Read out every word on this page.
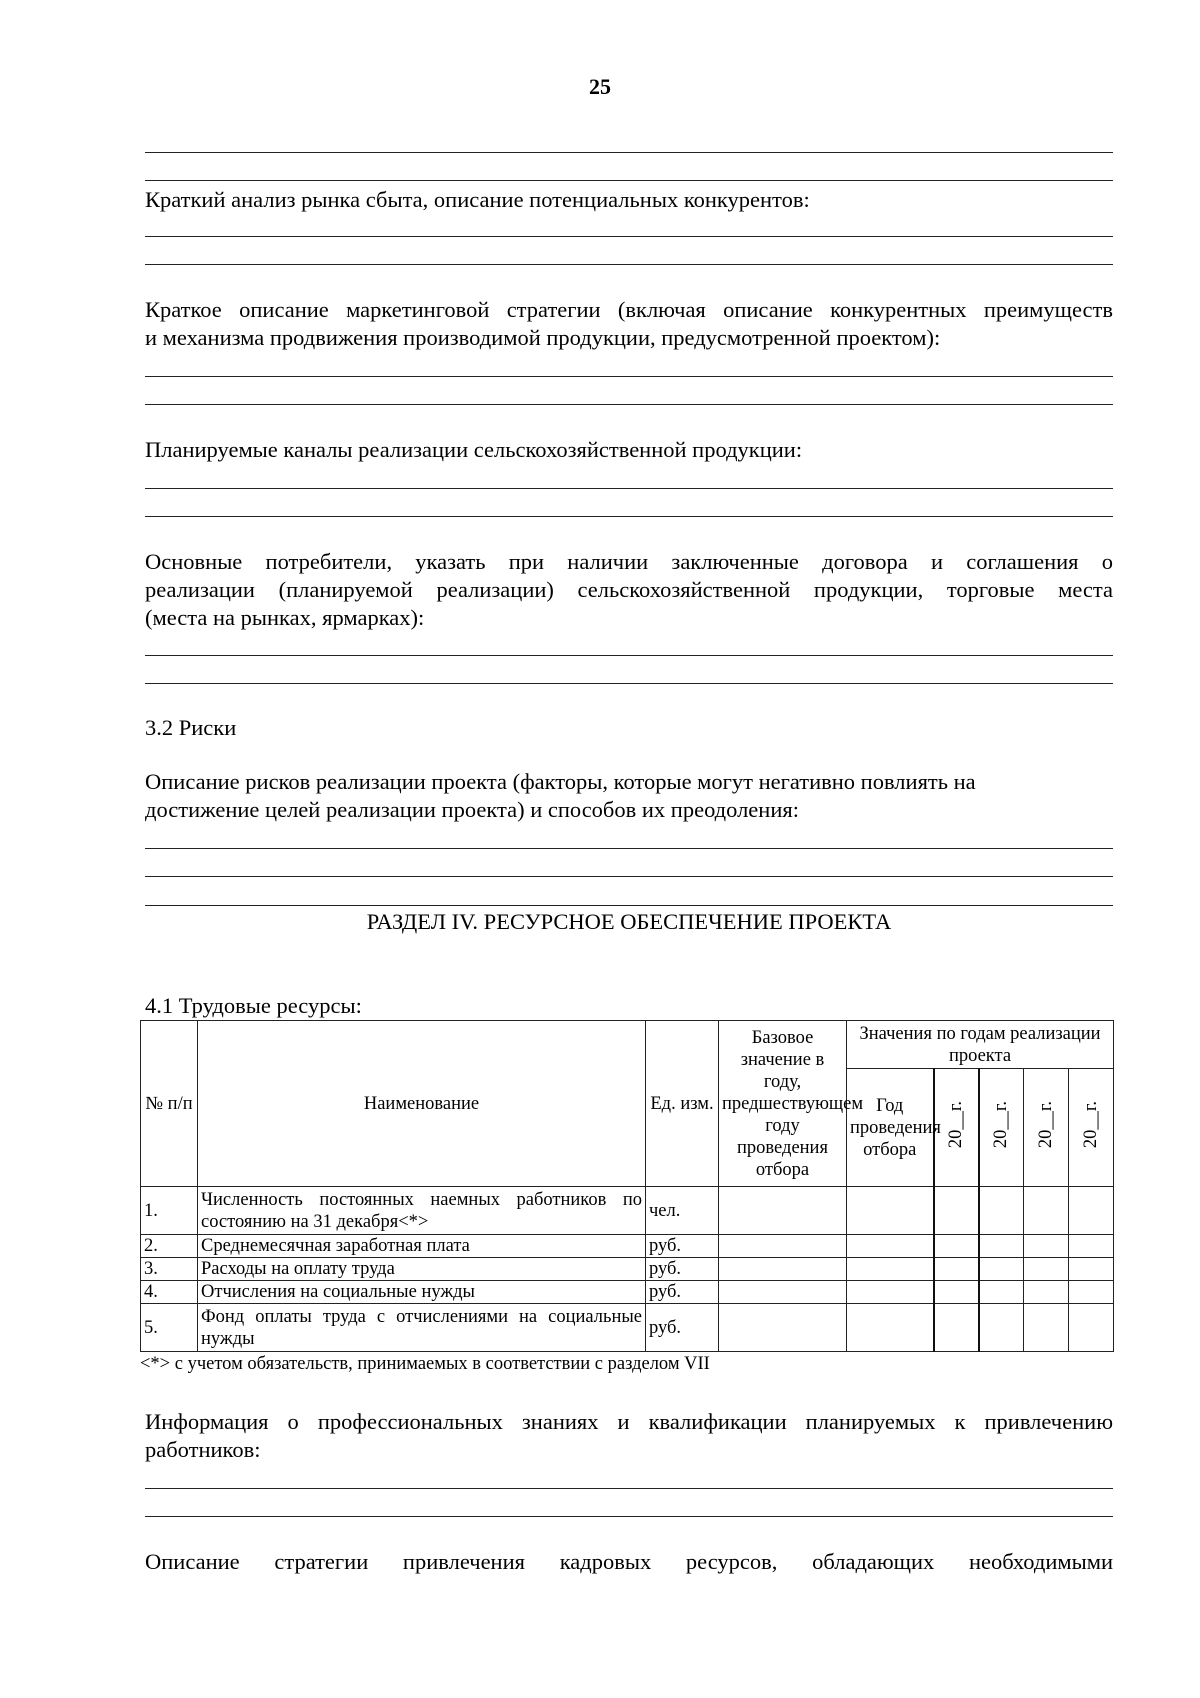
25
Краткий анализ рынка сбыта, описание потенциальных конкурентов:
Краткое описание маркетинговой стратегии (включая описание конкурентных преимуществ
и механизма продвижения производимой продукции, предусмотренной проектом):
Планируемые каналы реализации сельскохозяйственной продукции:
Основные потребители, указать при наличии заключенные договора и соглашения о
реализации (планируемой реализации) сельскохозяйственной продукции, торговые места
(места на рынках, ярмарках):
3.2 Риски
Описание рисков реализации проекта (факторы, которые могут негативно повлиять на
достижение целей реализации проекта) и способов их преодоления:
РАЗДЕЛ IV. РЕСУРСНОЕ ОБЕСПЕЧЕНИЕ ПРОЕКТА
4.1 Трудовые ресурсы:
№ п/п	Наименование	Ед. изм.	Базовое значение в году, предшествующем году проведения отбора	Значения по годам реализации проекта				
				Год проведения отбора	20__г.	20__г.	20__г.	20__г.
1.	Численность постоянных наемных работников по состоянию на 31 декабря<*>	чел.						
2.	Среднемесячная заработная плата	руб.						
3.	Расходы на оплату труда	руб.						
4.	Отчисления на социальные нужды	руб.						
5.	Фонд оплаты труда с отчислениями на социальные нужды	руб.						
<*> с учетом обязательств, принимаемых в соответствии с разделом VII
Информация о профессиональных знаниях и квалификации планируемых к привлечению
работников:
Описание стратегии привлечения кадровых ресурсов, обладающих необходимыми
